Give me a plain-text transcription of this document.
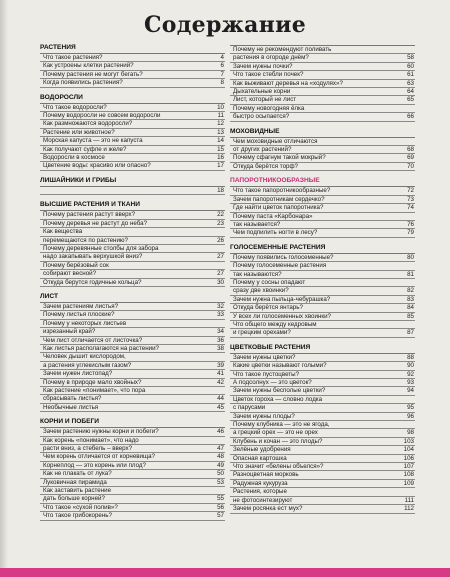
Содержание
РАСТЕНИЯ
4
Что такое растения?
6
Как устроены клетки растений?
7
Почему растения не могут бегать?
8
Когда появились растения?
ВОДОРОСЛИ
10
Что такое водоросли?
11
Почему водоросли не совсем водоросли
12
Как размножаются водоросли?
13
Растение или животное?
14
Морская капуста — это не капуста
15
Как получают суфле и желе?
16
Водоросли в космосе
17
Цветение воды: красиво или опасно?
ЛИШАЙНИКИ И ГРИБЫ
18
ВЫСШИЕ РАСТЕНИЯ И ТКАНИ
22
Почему растения растут вверх?
23
Почему деревья не растут до неба?
Как вещества
26
перемещаются по растению?
Почему деревянные столбы для забора
27
надо закапывать верхушкой вниз?
Почему берёзовый сок
27
собирают весной?
30
Откуда берутся годичные кольца?
ЛИСТ
32
Зачем растениям листья?
33
Почему листья плоские?
Почему у некоторых листьев
34
изрезанный край?
36
Чем лист отличается от листочка?
38
Как листья располагаются на растении?
Человек дышит кислородом,
39
а растения углекислым газом?
41
Зачем нужен листопад?
42
Почему в природе мало хвойных?
Как растение «понимает», что пора
44
сбрасывать листья?
45
Необычные листья
КОРНИ И ПОБЕГИ
46
Зачем растению нужны корни и побеги?
Как корень «понимает», что надо
47
расти вниз, а стебель – вверх?
48
Чем корень отличается от корневища?
49
Корнеплод — это корень или плод?
50
Как не плакать от лука?
53
Луковичная пирамида
Как заставить растение
55
дать больше корней?
56
Что такое «сухой полив»?
57
Что такое грибокорень?
Почему не рекомендуют поливать
58
растения в огороде днём?
60
Зачем нужны почки?
61
Что такое стебли почек?
63
Как выживают деревья на «ходулях»?
64
Дыхательные корни
65
Лист, который не лист
Почему новогодняя ёлка
66
быстро осыпается?
МОХОВИДНЫЕ
Чем моховидные отличаются
68
от других растений?
69
Почему сфагнум такой мокрый?
70
Откуда берётся торф?
ПАПОРОТНИКООБРАЗНЫЕ
72
Что такое папоротникообразные?
73
Зачем папоротникам сердечко?
74
Где найти цветок папоротника?
Почему паста «Карбонара»
76
так называется?
79
Чем подпилить ногти в лесу?
ГОЛОСЕМЕННЫЕ РАСТЕНИЯ
80
Почему появились голосеменные?
Почему голосеменные растения
81
так называются?
Почему у сосны опадают
82
сразу две хвоинки?
83
Зачем нужна пыльца-чебурашка?
84
Откуда берётся янтарь?
85
У всех ли голосеменных хвоинки?
Что общего между кедровым
87
и грецким орехами?
ЦВЕТКОВЫЕ РАСТЕНИЯ
88
Зачем нужны цветки?
90
Какие цветки называют голыми?
92
Что такое пустоцветы?
93
А подсолнух — это цветок?
94
Зачем нужны бесполые цветки?
Цветок гороха — словно лодка
95
с парусами
96
Зачем нужны плоды?
Почему клубника — это не ягода,
98
а грецкий орех — это не орех
103
Клубень и кочан — это плоды?
104
Зелёные удобрения
106
Опасная картошка
107
Что значит «белены объелся»?
108
Разноцветная морковь
109
Радужная кукуруза
Растения, которые
111
не фотосинтезируют
112
Зачем росянка ест мух?
